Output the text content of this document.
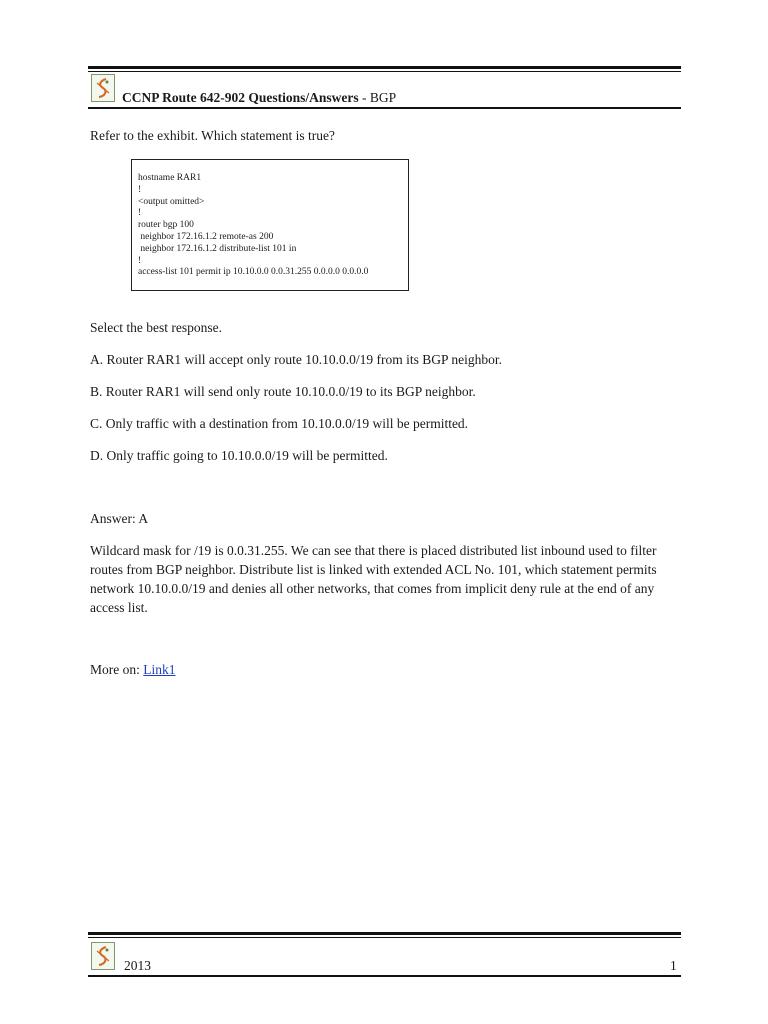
CCNP Route 642-902 Questions/Answers - BGP
Refer to the exhibit. Which statement is true?
hostname RAR1
!
<output omitted>
!
router bgp 100
neighbor 172.16.1.2 remote-as 200
neighbor 172.16.1.2 distribute-list 101 in
!
access-list 101 permit ip 10.10.0.0 0.0.31.255 0.0.0.0 0.0.0.0
Select the best response.
A. Router RAR1 will accept only route 10.10.0.0/19 from its BGP neighbor.
B. Router RAR1 will send only route 10.10.0.0/19 to its BGP neighbor.
C. Only traffic with a destination from 10.10.0.0/19 will be permitted.
D. Only traffic going to 10.10.0.0/19 will be permitted.
Answer: A
Wildcard mask for /19 is 0.0.31.255. We can see that there is placed distributed list inbound used to filter
routes from BGP neighbor. Distribute list is linked with extended ACL No. 101, which statement permits
network 10.10.0.0/19 and denies all other networks, that comes from implicit deny rule at the end of any
access list.
More on: Link1
2013	1
